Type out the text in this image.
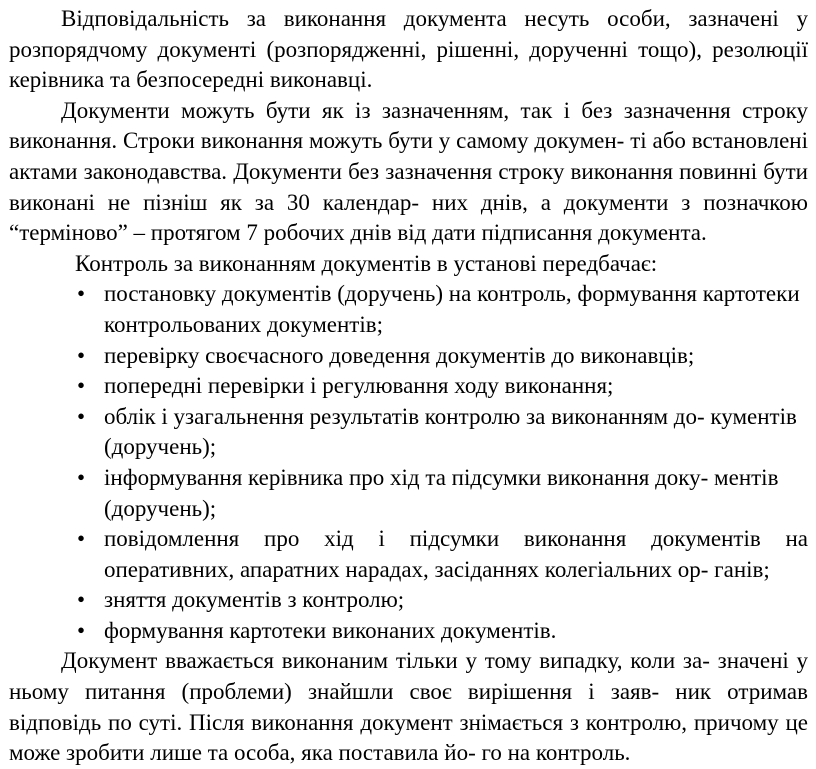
Відповідальність за виконання документа несуть особи, зазначені у розпорядчому документі (розпорядженні, рішенні, дорученні тощо), резолюції керівника та безпосередні виконавці.

Документи можуть бути як із зазначенням, так і без зазначення строку виконання. Строки виконання можуть бути у самому докумен- ті або встановлені актами законодавства. Документи без зазначення строку виконання повинні бути виконані не пізніш як за 30 календар- них днів, а документи з позначкою “терміново” – протягом 7 робочих днів від дати підписання документа.

Контроль за виконанням документів в установі передбачає:

• постановку документів (доручень) на контроль, формування картотеки контрольованих документів;
• перевірку своєчасного доведення документів до виконавців;
• попередні перевірки і регулювання ходу виконання;
• облік і узагальнення результатів контролю за виконанням до- кументів (доручень);
• інформування керівника про хід та підсумки виконання доку- ментів (доручень);
• повідомлення про хід і підсумки виконання документів на оперативних, апаратних нарадах, засіданнях колегіальних ор- ганів;
• зняття документів з контролю;
• формування картотеки виконаних документів.

Документ вважається виконаним тільки у тому випадку, коли за- значені у ньому питання (проблеми) знайшли своє вирішення і заяв- ник отримав відповідь по суті. Після виконання документ знімається з контролю, причому це може зробити лише та особа, яка поставила йо- го на контроль.
